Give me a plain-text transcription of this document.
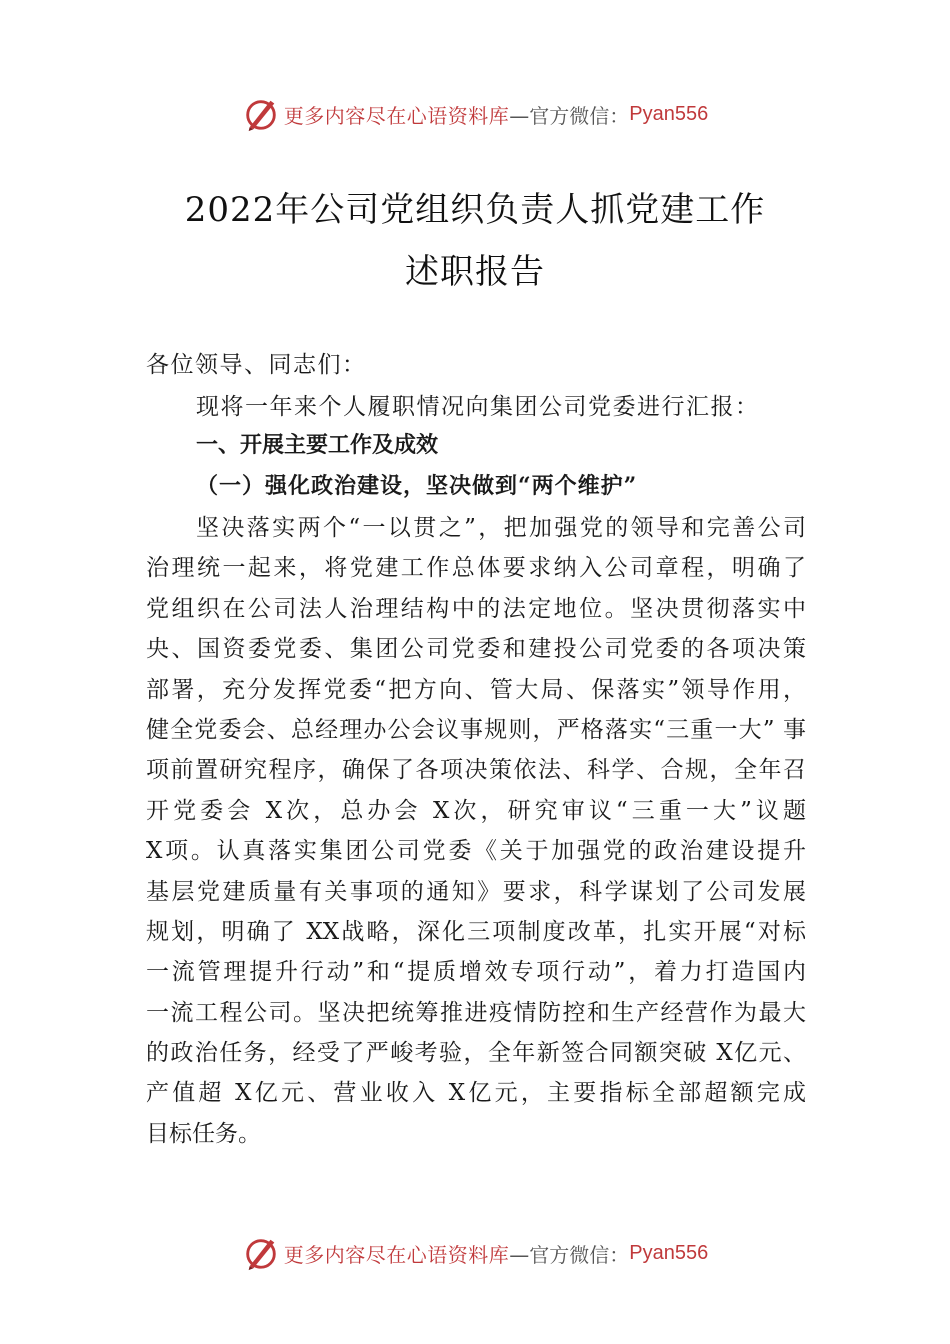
更多内容尽在心语资料库 —官方微信： Pyan556
2022年公司党组织负责人抓党建工作
述职报告
各位领导、同志们：
现将一年来个人履职情况向集团公司党委进行汇报：
一、开展主要工作及成效
（一）强化政治建设，坚决做到“两个维护”
坚决落实两个“一以贯之”，把加强党的领导和完善公司
治理统一起来，将党建工作总体要求纳入公司章程，明确了
党组织在公司法人治理结构中的法定地位。坚决贯彻落实中
央、国资委党委、集团公司党委和建投公司党委的各项决策
部署，充分发挥党委“把方向、管大局、保落实”领导作用，
健全党委会、总经理办公会议事规则，严格落实“三重一大” 事
项前置研究程序，确保了各项决策依法、科学、合规，全年召
开党委会 X次，总办会 X次，研究审议“三重一大”议题
X项。认真落实集团公司党委《关于加强党的政治建设提升
基层党建质量有关事项的通知》要求，科学谋划了公司发展
规划，明确了 XX战略，深化三项制度改革，扎实开展“对标
一流管理提升行动”和“提质增效专项行动”，着力打造国内
一流工程公司。坚决把统筹推进疫情防控和生产经营作为最大
的政治任务，经受了严峻考验，全年新签合同额突破 X亿元、
产值超 X亿元、营业收入 X亿元，主要指标全部超额完成
目标任务。
更多内容尽在心语资料库 —官方微信： Pyan556
